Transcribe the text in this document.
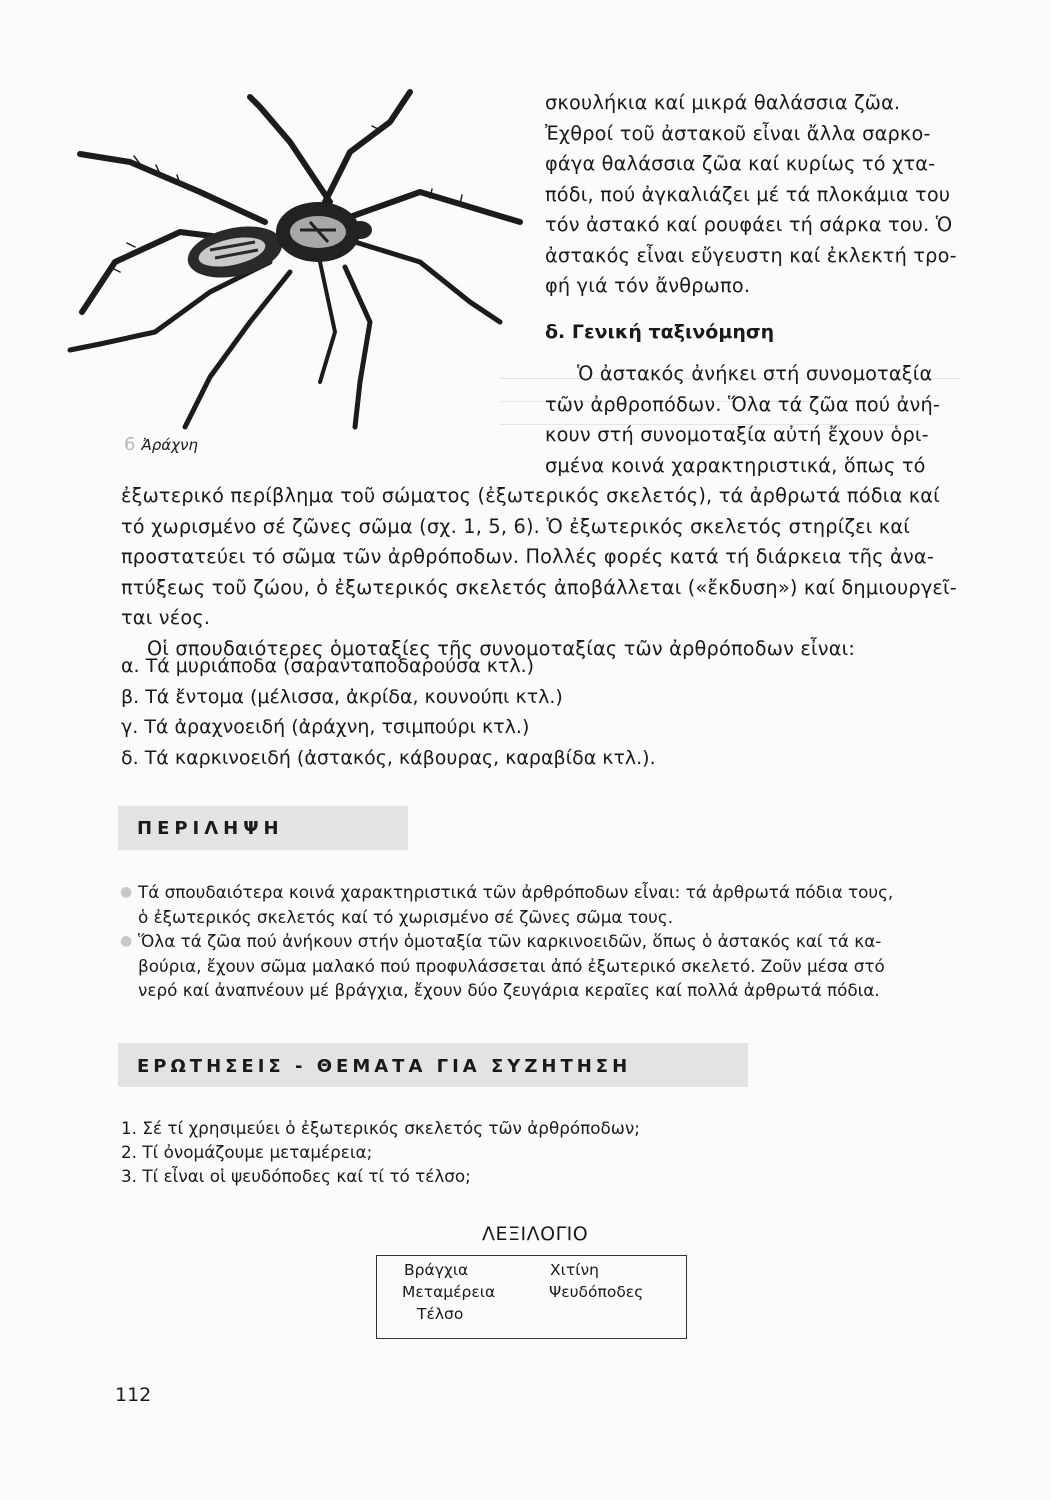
6 Ἀράχνη

σκουλήκια καί μικρά θαλάσσια ζῶα.

Ἐχθροί τοῦ ἀστακοῦ εἶναι ἄλλα σαρκο-

φάγα θαλάσσια ζῶα καί κυρίως τό χτα-

πόδι, πού ἀγκαλιάζει μέ τά πλοκάμια του

τόν ἀστακό καί ρουφάει τή σάρκα του. Ὁ

ἀστακός εἶναι εὔγευστη καί ἐκλεκτή τρο-

φή γιά τόν ἄνθρωπο.

δ. Γενική ταξινόμηση

Ὁ ἀστακός ἀνήκει στή συνομοταξία

τῶν ἀρθροπόδων. Ὅλα τά ζῶα πού ἀνή-

κουν στή συνομοταξία αὐτή ἔχουν ὁρι-

σμένα κοινά χαρακτηριστικά, ὅπως τό

ἐξωτερικό περίβλημα τοῦ σώματος (ἐξωτερικός σκελετός), τά ἀρθρωτά πόδια καί

τό χωρισμένο σέ ζῶνες σῶμα (σχ. 1, 5, 6). Ὁ ἐξωτερικός σκελετός στηρίζει καί

προστατεύει τό σῶμα τῶν ἀρθρόποδων. Πολλές φορές κατά τή διάρκεια τῆς ἀνα-

πτύξεως τοῦ ζώου, ὁ ἐξωτερικός σκελετός ἀποβάλλεται («ἔκδυση») καί δημιουργεῖ-

ται νέος.

Οἱ σπουδαιότερες ὁμοταξίες τῆς συνομοταξίας τῶν ἀρθρόποδων εἶναι:

α. Τά μυριάποδα (σαρανταποδαρούσα κτλ.)
β. Τά ἔντομα (μέλισσα, ἀκρίδα, κουνούπι κτλ.)
γ. Τά ἀραχνοειδή (ἀράχνη, τσιμπούρι κτλ.)
δ. Τά καρκινοειδή (ἀστακός, κάβουρας, καραβίδα κτλ.).
ΠΕΡΙΛΗΨΗ
● Τά σπουδαιότερα κοινά χαρακτηριστικά τῶν ἀρθρόποδων εἶναι: τά ἀρθρωτά πόδια τους,
ὁ ἐξωτερικός σκελετός καί τό χωρισμένο σέ ζῶνες σῶμα τους.
● Ὅλα τά ζῶα πού ἀνήκουν στήν ὁμοταξία τῶν καρκινοειδῶν, ὅπως ὁ ἀστακός καί τά κα-
βούρια, ἔχουν σῶμα μαλακό πού προφυλάσσεται ἀπό ἐξωτερικό σκελετό. Ζοῦν μέσα στό
νερό καί ἀναπνέουν μέ βράγχια, ἔχουν δύο ζευγάρια κεραῖες καί πολλά ἀρθρωτά πόδια.
ΕΡΩΤΗΣΕΙΣ - ΘΕΜΑΤΑ ΓΙΑ ΣΥΖΗΤΗΣΗ
1. Σέ τί χρησιμεύει ὁ ἐξωτερικός σκελετός τῶν ἀρθρόποδων;
2. Τί ὀνομάζουμε μεταμέρεια;
3. Τί εἶναι οἱ ψευδόποδες καί τί τό τέλσο;
ΛΕΞΙΛΟΓΙΟ
Βράγχια
Μεταμέρεια
Τέλσο
Χιτίνη
Ψευδόποδες
112
